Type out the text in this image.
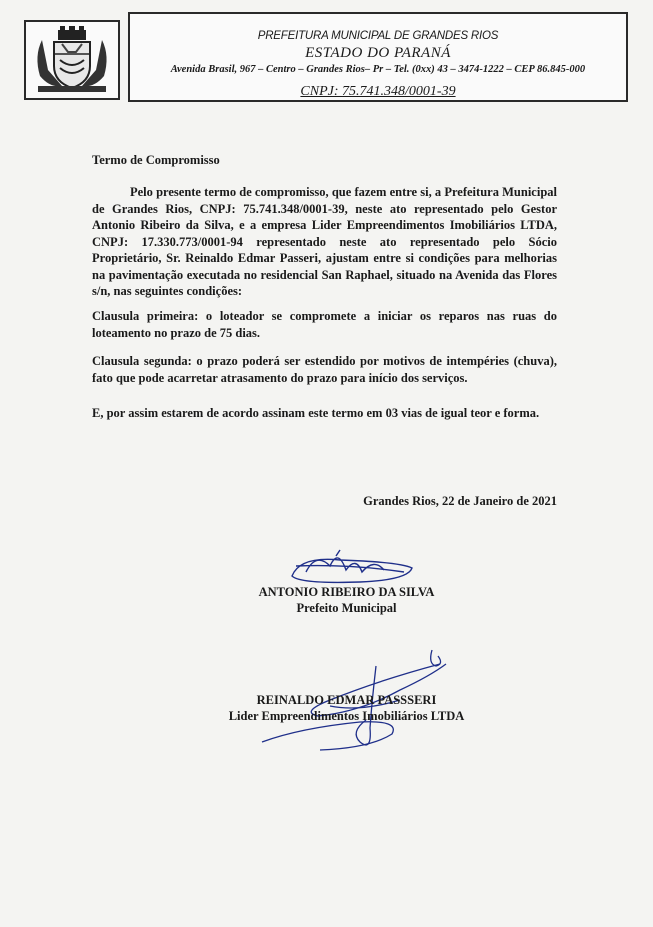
PREFEITURA MUNICIPAL DE GRANDES RIOS
ESTADO DO PARANÁ
Avenida Brasil, 967 – Centro – Grandes Rios– Pr – Tel. (0xx) 43 – 3474-1222 – CEP 86.845-000
CNPJ: 75.741.348/0001-39
Termo de Compromisso

Pelo presente termo de compromisso, que fazem entre si, a Prefeitura Municipal de Grandes Rios, CNPJ: 75.741.348/0001-39, neste ato representado pelo Gestor Antonio Ribeiro da Silva, e a empresa Lider Empreendimentos Imobiliários LTDA, CNPJ: 17.330.773/0001-94 representado neste ato representado pelo Sócio Proprietário, Sr. Reinaldo Edmar Passeri, ajustam entre si condições para melhorias na pavimentação executada no residencial San Raphael, situado na Avenida das Flores s/n, nas seguintes condições:

Clausula primeira: o loteador se compromete a iniciar os reparos nas ruas do loteamento no prazo de 75 dias.

Clausula segunda: o prazo poderá ser estendido por motivos de intempéries (chuva), fato que pode acarretar atrasamento do prazo para início dos serviços.

E, por assim estarem de acordo assinam este termo em 03 vias de igual teor e forma.

Grandes Rios, 22 de Janeiro de 2021
ANTONIO RIBEIRO DA SILVA
Prefeito Municipal
REINALDO EDMAR PASSSERI
Lider Empreendimentos Imobiliários LTDA
